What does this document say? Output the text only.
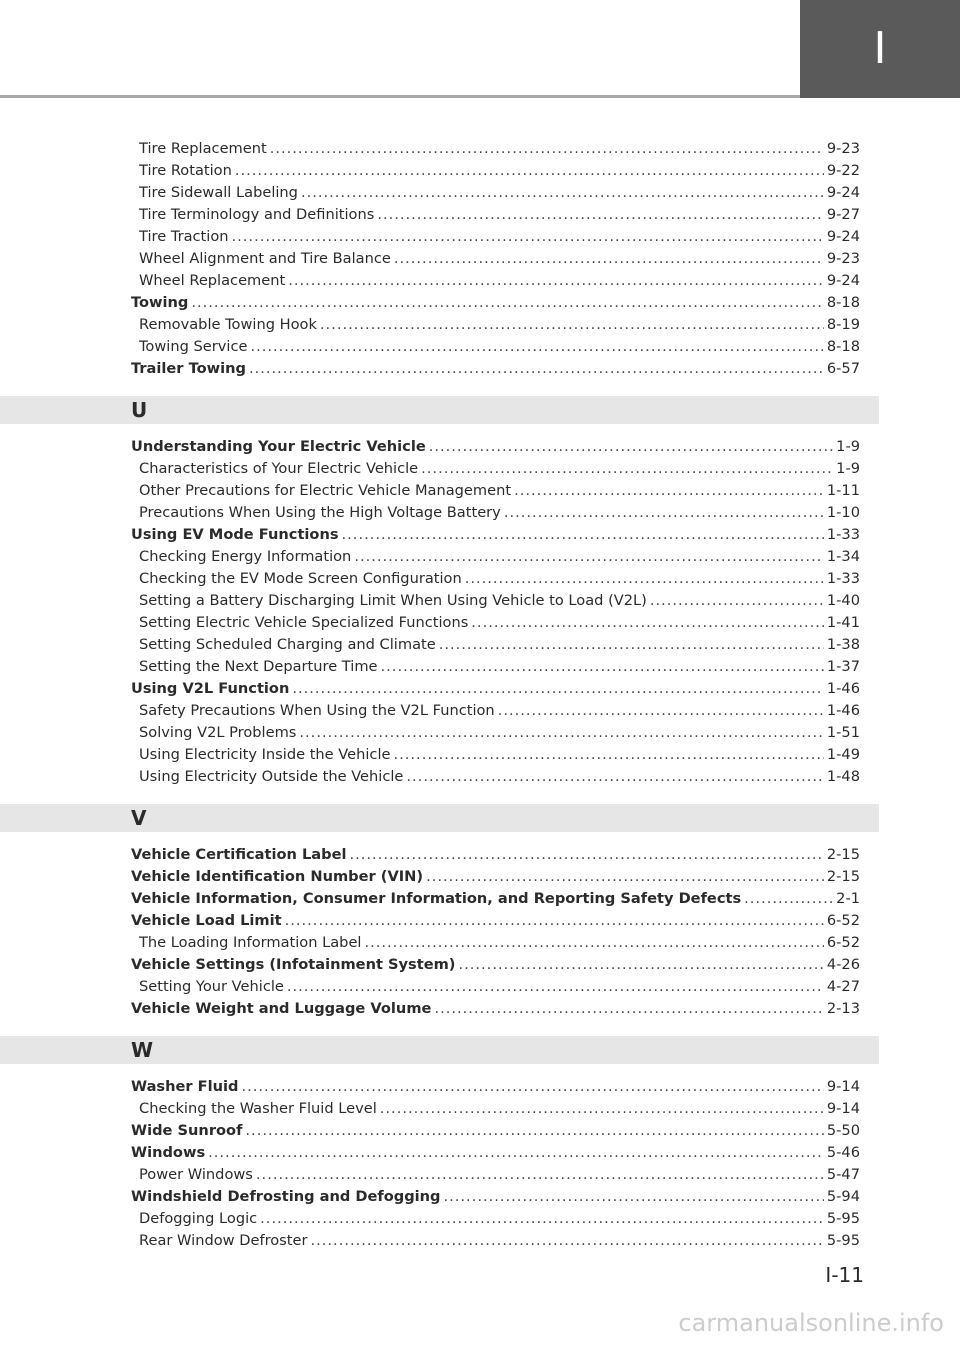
I
Tire Replacement .....	9-23
Tire Rotation .....	9-22
Tire Sidewall Labeling .....	9-24
Tire Terminology and Definitions .....	9-27
Tire Traction .....	9-24
Wheel Alignment and Tire Balance .....	9-23
Wheel Replacement .....	9-24
Towing .....	8-18
Removable Towing Hook .....	8-19
Towing Service .....	8-18
Trailer Towing .....	6-57
U
Understanding Your Electric Vehicle .....	1-9
Characteristics of Your Electric Vehicle .....	1-9
Other Precautions for Electric Vehicle Management .....	1-11
Precautions When Using the High Voltage Battery .....	1-10
Using EV Mode Functions .....	1-33
Checking Energy Information .....	1-34
Checking the EV Mode Screen Configuration .....	1-33
Setting a Battery Discharging Limit When Using Vehicle to Load (V2L) .....	1-40
Setting Electric Vehicle Specialized Functions .....	1-41
Setting Scheduled Charging and Climate .....	1-38
Setting the Next Departure Time .....	1-37
Using V2L Function .....	1-46
Safety Precautions When Using the V2L Function .....	1-46
Solving V2L Problems .....	1-51
Using Electricity Inside the Vehicle .....	1-49
Using Electricity Outside the Vehicle .....	1-48
V
Vehicle Certification Label .....	2-15
Vehicle Identification Number (VIN) .....	2-15
Vehicle Information, Consumer Information, and Reporting Safety Defects .....	2-1
Vehicle Load Limit .....	6-52
The Loading Information Label .....	6-52
Vehicle Settings (Infotainment System) .....	4-26
Setting Your Vehicle .....	4-27
Vehicle Weight and Luggage Volume .....	2-13
W
Washer Fluid .....	9-14
Checking the Washer Fluid Level .....	9-14
Wide Sunroof .....	5-50
Windows .....	5-46
Power Windows .....	5-47
Windshield Defrosting and Defogging .....	5-94
Defogging Logic .....	5-95
Rear Window Defroster .....	5-95
I-11
carmanualsonline.info
